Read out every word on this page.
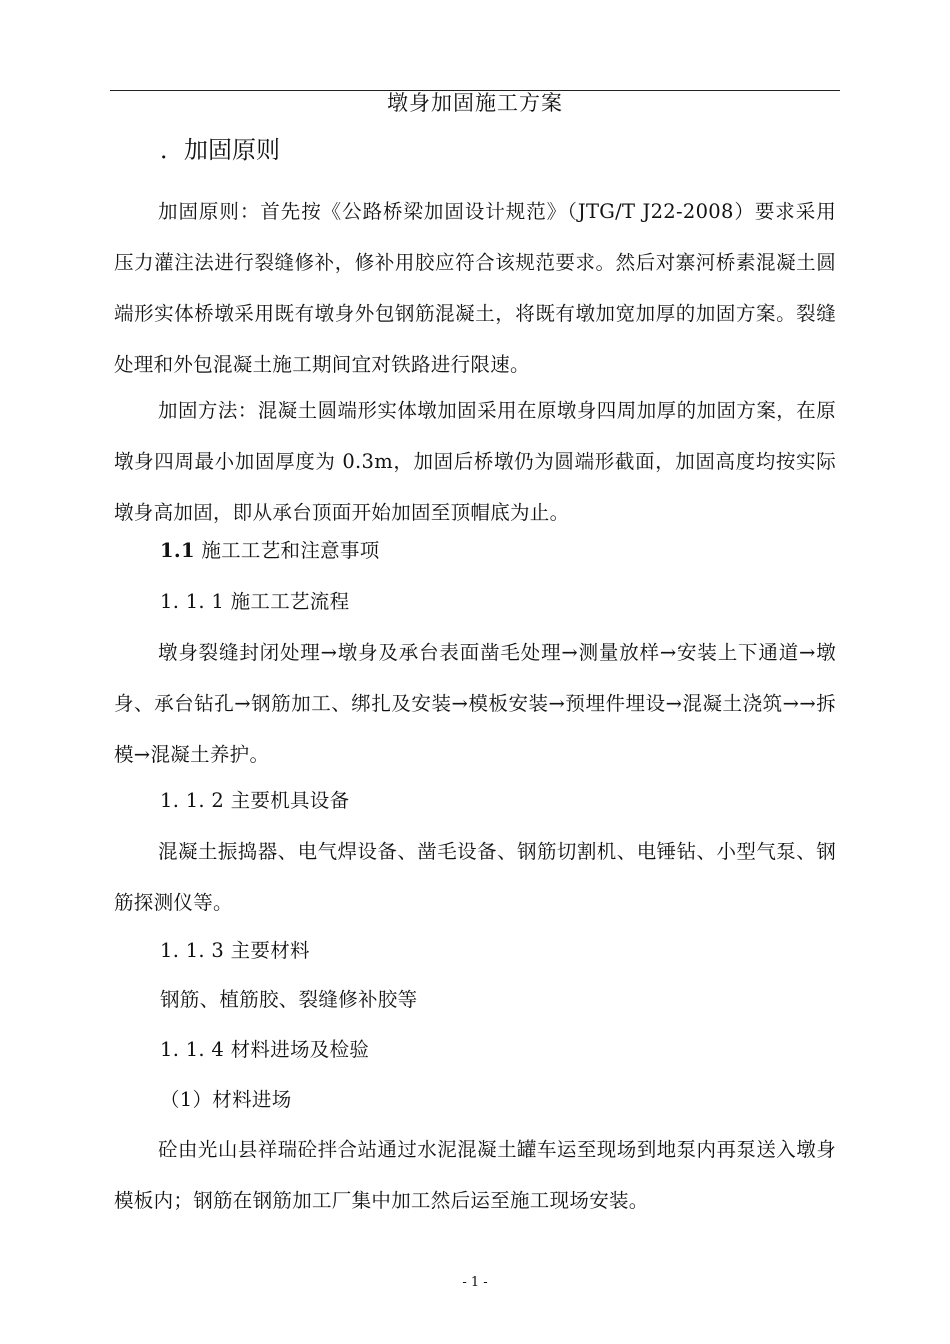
墩身加固施工方案
．加固原则

加固原则：首先按《公路桥梁加固设计规范》（JTG/T J22-2008）要求采用压力灌注法进行裂缝修补，修补用胶应符合该规范要求。然后对寨河桥素混凝土圆端形实体桥墩采用既有墩身外包钢筋混凝土，将既有墩加宽加厚的加固方案。裂缝处理和外包混凝土施工期间宜对铁路进行限速。

加固方法：混凝土圆端形实体墩加固采用在原墩身四周加厚的加固方案，在原墩身四周最小加固厚度为 0.3m，加固后桥墩仍为圆端形截面，加固高度均按实际墩身高加固，即从承台顶面开始加固至顶帽底为止。

1.1 施工工艺和注意事项
1. 1. 1 施工工艺流程

墩身裂缝封闭处理→墩身及承台表面凿毛处理→测量放样→安装上下通道→墩身、承台钻孔→钢筋加工、绑扎及安装→模板安装→预埋件埋设→混凝土浇筑→→拆模→混凝土养护。

1. 1. 2 主要机具设备

混凝土振捣器、电气焊设备、凿毛设备、钢筋切割机、电锤钻、小型气泵、钢筋探测仪等。

1. 1. 3 主要材料
钢筋、植筋胶、裂缝修补胶等
1. 1. 4 材料进场及检验
（1）材料进场

砼由光山县祥瑞砼拌合站通过水泥混凝土罐车运至现场到地泵内再泵送入墩身模板内；钢筋在钢筋加工厂集中加工然后运至施工现场安装。

- 1 -
